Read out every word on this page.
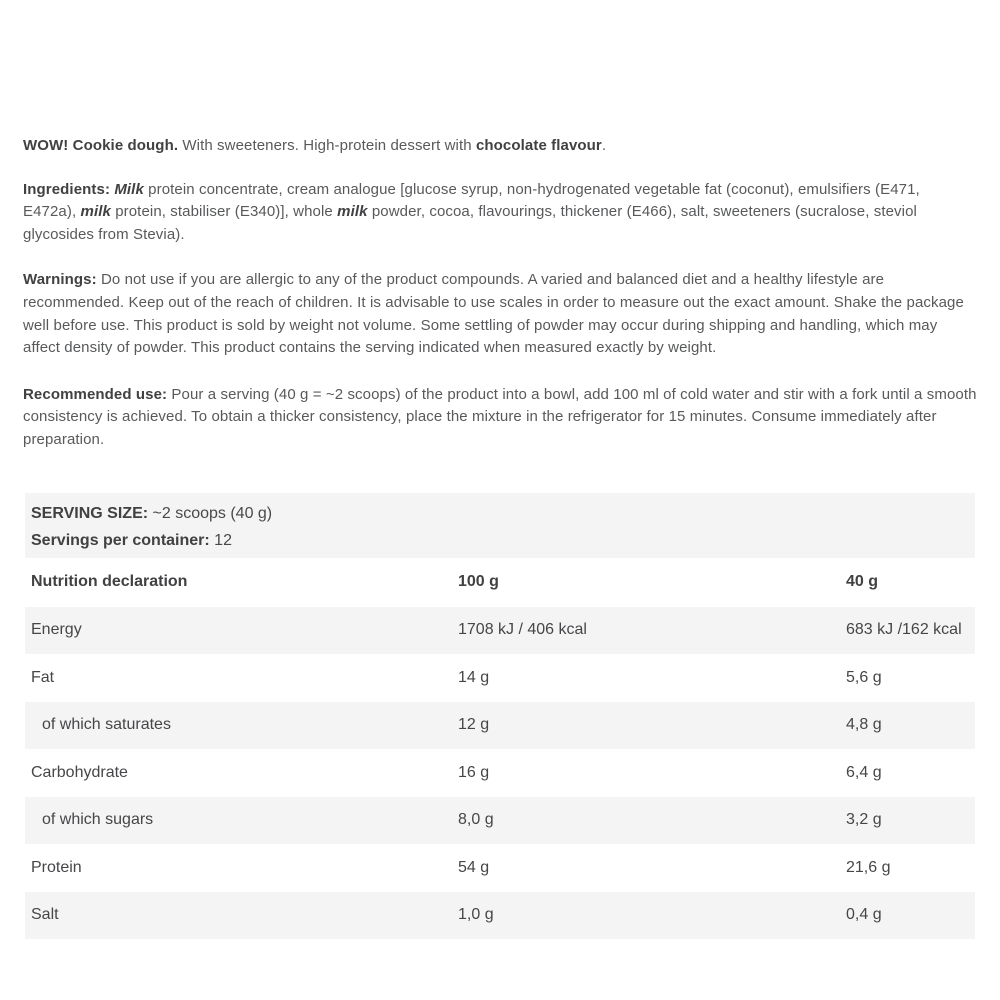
WOW! Cookie dough. With sweeteners. High-protein dessert with chocolate flavour.

Ingredients: Milk protein concentrate, cream analogue [glucose syrup, non-hydrogenated vegetable fat (coconut), emulsifiers (E471, E472a), milk protein, stabiliser (E340)], whole milk powder, cocoa, flavourings, thickener (E466), salt, sweeteners (sucralose, steviol glycosides from Stevia).

Warnings: Do not use if you are allergic to any of the product compounds. A varied and balanced diet and a healthy lifestyle are recommended. Keep out of the reach of children. It is advisable to use scales in order to measure out the exact amount. Shake the package well before use. This product is sold by weight not volume. Some settling of powder may occur during shipping and handling, which may affect density of powder. This product contains the serving indicated when measured exactly by weight.

Recommended use: Pour a serving (40 g = ~2 scoops) of the product into a bowl, add 100 ml of cold water and stir with a fork until a smooth consistency is achieved. To obtain a thicker consistency, place the mixture in the refrigerator for 15 minutes. Consume immediately after preparation.

SERVING SIZE: ~2 scoops (40 g)
Servings per container: 12
Nutrition declaration	100 g	40 g
Energy	1708 kJ / 406 kcal	683 kJ /162 kcal
Fat	14 g	5,6 g
of which saturates	12 g	4,8 g
Carbohydrate	16 g	6,4 g
of which sugars	8,0 g	3,2 g
Protein	54 g	21,6 g
Salt	1,0 g	0,4 g
